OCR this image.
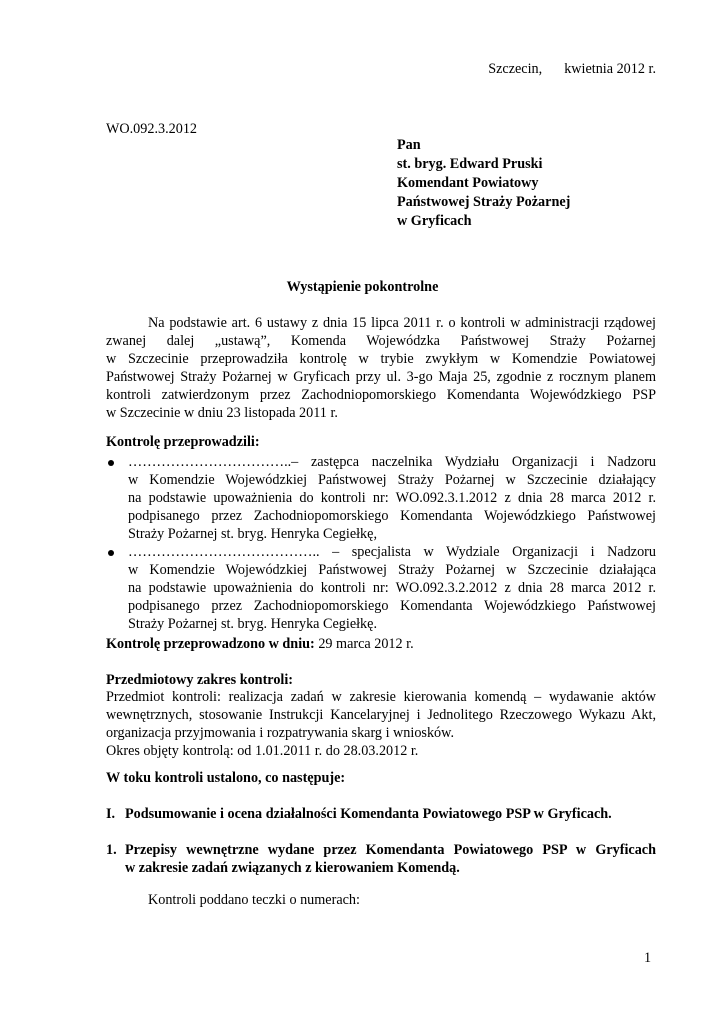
Szczecin, kwietnia 2012 r.

WO.092.3.2012

Pan
st. bryg. Edward Pruski
Komendant Powiatowy
Państwowej Straży Pożarnej
w Gryficach

Wystąpienie pokontrolne

Na podstawie art. 6 ustawy z dnia 15 lipca 2011 r. o kontroli w administracji rządowej
zwanej dalej „ustawą”, Komenda Wojewódzka Państwowej Straży Pożarnej
w Szczecinie przeprowadziła kontrolę w trybie zwykłym w Komendzie Powiatowej
Państwowej Straży Pożarnej w Gryficach przy ul. 3-go Maja 25, zgodnie z rocznym planem
kontroli zatwierdzonym przez Zachodniopomorskiego Komendanta Wojewódzkiego PSP
w Szczecinie w dniu 23 listopada 2011 r.

Kontrolę przeprowadzili:

……………………………..– zastępca naczelnika Wydziału Organizacji i Nadzoru
w Komendzie Wojewódzkiej Państwowej Straży Pożarnej w Szczecinie działający
na podstawie upoważnienia do kontroli nr: WO.092.3.1.2012 z dnia 28 marca 2012 r.
podpisanego przez Zachodniopomorskiego Komendanta Wojewódzkiego Państwowej
Straży Pożarnej st. bryg. Henryka Cegiełkę,
………………………………….. – specjalista w Wydziale Organizacji i Nadzoru
w Komendzie Wojewódzkiej Państwowej Straży Pożarnej w Szczecinie działająca
na podstawie upoważnienia do kontroli nr: WO.092.3.2.2012 z dnia 28 marca 2012 r.
podpisanego przez Zachodniopomorskiego Komendanta Wojewódzkiego Państwowej
Straży Pożarnej st. bryg. Henryka Cegiełkę.

Kontrolę przeprowadzono w dniu: 29 marca 2012 r.

Przedmiotowy zakres kontroli:

Przedmiot kontroli: realizacja zadań w zakresie kierowania komendą – wydawanie aktów
wewnętrznych, stosowanie Instrukcji Kancelaryjnej i Jednolitego Rzeczowego Wykazu Akt,
organizacja przyjmowania i rozpatrywania skarg i wniosków.
Okres objęty kontrolą: od 1.01.2011 r. do 28.03.2012 r.

W toku kontroli ustalono, co następuje:

I. Podsumowanie i ocena działalności Komendanta Powiatowego PSP w Gryficach.
1. Przepisy wewnętrzne wydane przez Komendanta Powiatowego PSP w Gryficach
w zakresie zadań związanych z kierowaniem Komendą.

Kontroli poddano teczki o numerach:

1
